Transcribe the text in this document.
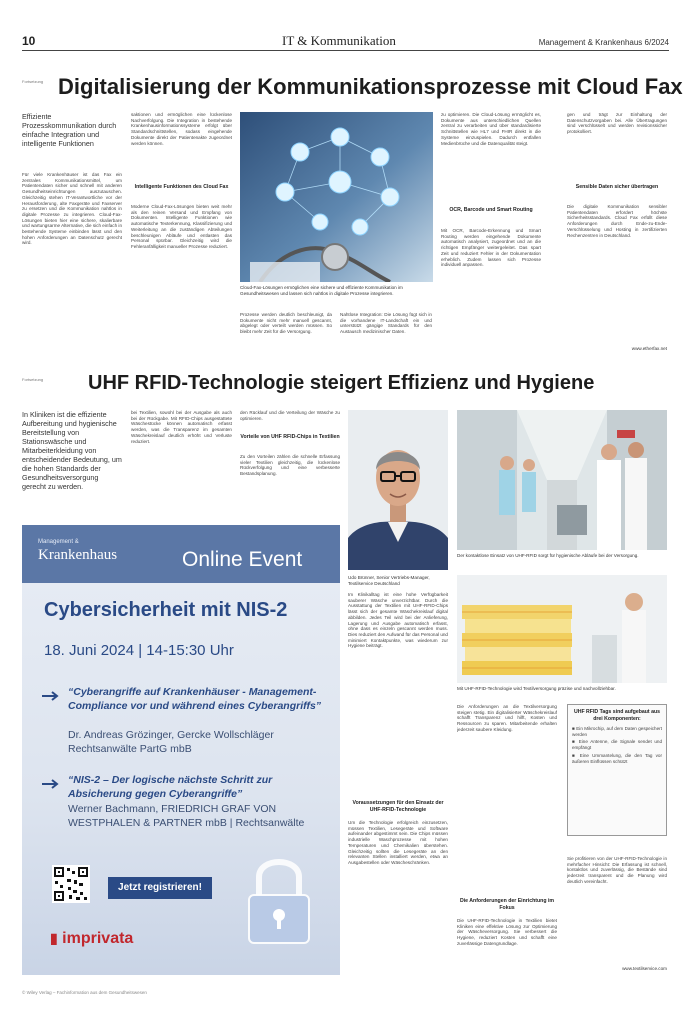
10	IT & Kommunikation	Management & Krankenhaus 6/2024
Fortsetzung Digitalisierung der Kommunikationsprozesse mit Cloud Fax
Effiziente Prozesskommunikation durch einfache Integration und intelligente Funktionen
Für viele Krankenhäuser ist das Fax ein zentrales Kommunikationsmittel, um Patientendaten sicher und schnell mit anderen Gesundheitseinrichtungen auszutauschen. Gleichzeitig stehen IT-Verantwortliche vor der Herausforderung, alte Faxgeräte und Faxserver zu ersetzen und die Kommunikation nahtlos in digitale Prozesse zu integrieren. Cloud-Fax-Lösungen bieten hier eine sichere, skalierbare und wartungsarme Alternative, die sich einfach in bestehende Systeme einbinden lässt und den hohen Anforderungen an Datenschutz gerecht wird.
saktionen und ermöglichen eine lückenlose Nachverfolgung. Die Integration in bestehende Krankenhausinformationssysteme erfolgt über Standardschnittstellen, sodass eingehende Dokumente direkt der Patientenakte zugeordnet werden können.
Intelligente Funktionen des Cloud Fax
Moderne Cloud-Fax-Lösungen bieten weit mehr als den reinen Versand und Empfang von Dokumenten. Intelligente Funktionen wie automatische Texterkennung, Klassifizierung und Weiterleitung an die zuständigen Abteilungen beschleunigen Abläufe und entlasten das Personal spürbar. Gleichzeitig wird die Fehleranfälligkeit manueller Prozesse reduziert.
Cloud-Fax-Lösungen ermöglichen eine sichere und effiziente Kommunikation im Gesundheitswesen und lassen sich nahtlos in digitale Prozesse integrieren.
Prozesse werden deutlich beschleunigt, da Dokumente nicht mehr manuell gescannt, abgelegt oder verteilt werden müssen. So bleibt mehr Zeit für die Versorgung.
Nahtlose Integration: Die Lösung fügt sich in die vorhandene IT-Landschaft ein und unterstützt gängige Standards für den Austausch medizinischer Daten.
zu optimieren. Die Cloud-Lösung ermöglicht es, Dokumente aus unterschiedlichen Quellen zentral zu verarbeiten und über standardisierte Schnittstellen wie HL7 und FHIR direkt in die Systeme einzuspielen. Dadurch entfallen Medienbrüche und die Datenqualität steigt.
OCR, Barcode und Smart Routing
Mit OCR, Barcode-Erkennung und Smart Routing werden eingehende Dokumente automatisch analysiert, zugeordnet und an die richtigen Empfänger weitergeleitet. Das spart Zeit und reduziert Fehler in der Dokumentation erheblich. Zudem lassen sich Prozesse individuell anpassen.
gen und trägt zur Einhaltung der Datenschutzvorgaben bei. Alle Übertragungen sind verschlüsselt und werden revisionssicher protokolliert.
Sensible Daten sicher übertragen
Die digitale Kommunikation sensibler Patientendaten erfordert höchste Sicherheitsstandards. Cloud Fax erfüllt diese Anforderungen durch Ende-zu-Ende-Verschlüsselung und Hosting in zertifizierten Rechenzentren in Deutschland.
www.etherfax.net
Fortsetzung UHF RFID-Technologie steigert Effizienz und Hygiene
In Kliniken ist die effiziente Aufbereitung und hygienische Bereitstellung von Stationswäsche und Mitarbeiterkleidung von entscheidender Bedeutung, um die hohen Standards der Gesundheitsversorgung gerecht zu werden.
bei Textilien, sowohl bei der Ausgabe als auch bei der Rückgabe. Mit RFID-Chips ausgestattete Wäschestücke können automatisch erfasst werden, was die Transparenz im gesamten Wäschekreislauf deutlich erhöht und Verluste reduziert.
den Rücklauf und die Verteilung der Wäsche zu optimieren.
Vorteile von UHF RFID-Chips in Textilien
Zu den Vorteilen zählen die schnelle Erfassung vieler Textilien gleichzeitig, die lückenlose Rückverfolgung und eine verbesserte Bestandsplanung.
Udo Brünner, Senior Vertriebs-Manager, Textilservice Deutschland
Der kontaktlose Einsatz von UHF-RFID sorgt für hygienische Abläufe bei der Versorgung.
Mit UHF-RFID-Technologie wird Textilversorgung präzise und nachvollziehbar.
Im Klinikalltag ist eine hohe Verfügbarkeit sauberer Wäsche unverzichtbar. Durch die Ausstattung der Textilien mit UHF-RFID-Chips lässt sich der gesamte Wäschekreislauf digital abbilden. Jedes Teil wird bei der Anlieferung, Lagerung und Ausgabe automatisch erfasst, ohne dass es einzeln gescannt werden muss. Dies reduziert den Aufwand für das Personal und minimiert Kontaktpunkte, was wiederum zur Hygiene beiträgt.
Voraussetzungen für den Einsatz der UHF-RFID-Technologie
Um die Technologie erfolgreich einzusetzen, müssen Textilien, Lesegeräte und Software aufeinander abgestimmt sein. Die Chips müssen industrielle Waschprozesse mit hohen Temperaturen und Chemikalien überstehen. Gleichzeitig sollten die Lesegeräte an den relevanten Stellen installiert werden, etwa an Ausgabestellen oder Wäscheschränken.
Die Anforderungen an die Textilversorgung steigen stetig. Ein digitalisierter Wäschekreislauf schafft Transparenz und hilft, Kosten und Ressourcen zu sparen. Mitarbeitende erhalten jederzeit saubere Kleidung.
Die Anforderungen der Einrichtung im Fokus
Die UHF-RFID-Technologie in Textilien bietet Kliniken eine effektive Lösung zur Optimierung der Wäscheversorgung. Sie verbessert die Hygiene, reduziert Kosten und schafft eine zuverlässige Datengrundlage.
UHF RFID Tags sind aufgebaut aus drei Komponenten:
■ Ein Mikrochip, auf dem Daten gespeichert werden
■ Eine Antenne, die Signale sendet und empfängt
■ Eine Ummantelung, die den Tag vor äußeren Einflüssen schützt
Sie profitieren von der UHF-RFID-Technologie in mehrfacher Hinsicht: Die Erfassung ist schnell, kontaktlos und zuverlässig, die Bestände sind jederzeit transparent und die Planung wird deutlich vereinfacht.
www.textilservice.com
Management &
Krankenhaus	Online Event
Cybersicherheit mit NIS-2
18. Juni 2024 | 14-15:30 Uhr
“Cyberangriffe auf Krankenhäuser - Management-Compliance vor und während eines Cyberangriffs”
Dr. Andreas Grözinger, Gercke Wollschläger Rechtsanwälte PartG mbB
“NIS-2 – Der logische nächste Schritt zur Absicherung gegen Cyberangriffe”
Werner Bachmann, FRIEDRICH GRAF VON WESTPHALEN & PARTNER mbB | Rechtsanwälte
Jetzt registrieren!
▮ imprivata
© Wiley Verlag – Fachinformation aus dem Gesundheitswesen
